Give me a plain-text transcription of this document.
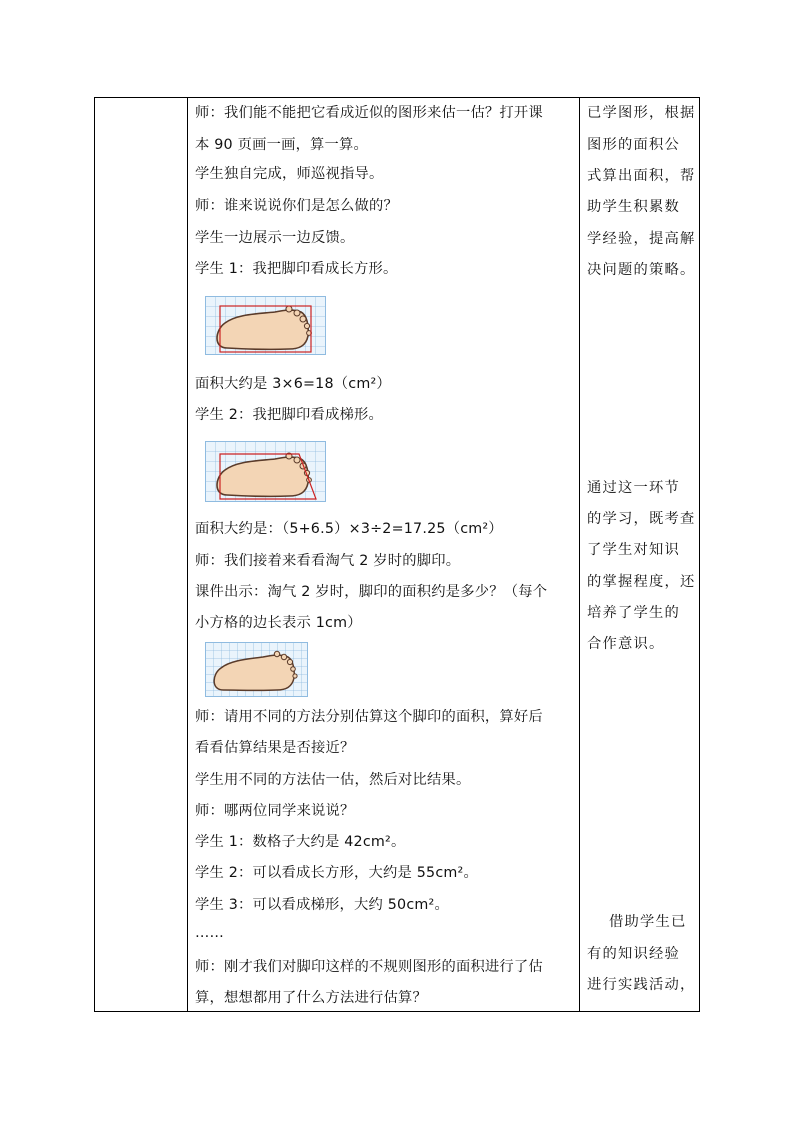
师：我们能不能把它看成近似的图形来估一估？打开课
本 90 页画一画，算一算。
学生独自完成，师巡视指导。
师：谁来说说你们是怎么做的？
学生一边展示一边反馈。
学生 1：我把脚印看成长方形。
面积大约是 3×6=18（cm²）
学生 2：我把脚印看成梯形。
面积大约是：（5+6.5）×3÷2=17.25（cm²）
师：我们接着来看看淘气 2 岁时的脚印。
课件出示：淘气 2 岁时，脚印的面积约是多少？（每个
小方格的边长表示 1cm）
师：请用不同的方法分别估算这个脚印的面积，算好后
看看估算结果是否接近？
学生用不同的方法估一估，然后对比结果。
师：哪两位同学来说说？
学生 1：数格子大约是 42cm²。
学生 2：可以看成长方形，大约是 55cm²。
学生 3：可以看成梯形，大约 50cm²。
……
师：刚才我们对脚印这样的不规则图形的面积进行了估
算，想想都用了什么方法进行估算？
已学图形，根据
图形的面积公
式算出面积，帮
助学生积累数
学经验，提高解
决问题的策略。
通过这一环节
的学习，既考查
了学生对知识
的掌握程度，还
培养了学生的
合作意识。
借助学生已
有的知识经验
进行实践活动，
